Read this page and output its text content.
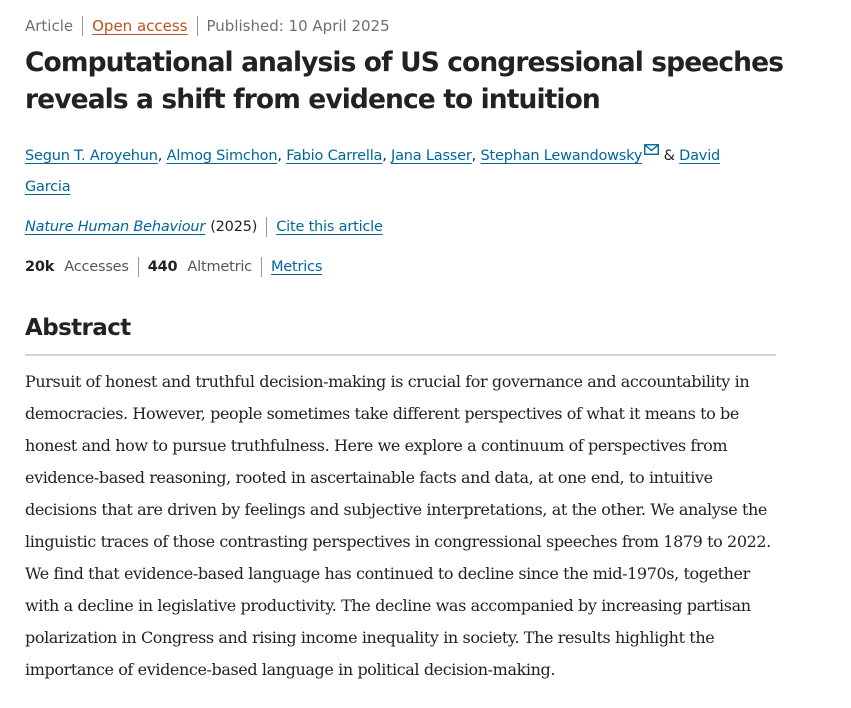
Article Open access Published: 10 April 2025
Computational analysis of US congressional speeches reveals a shift from evidence to intuition

Segun T. Aroyehun, Almog Simchon, Fabio Carrella, Jana Lasser, Stephan Lewandowsky & David Garcia

Nature Human Behaviour (2025) Cite this article
20k Accesses 440 Altmetric Metrics
Abstract

Pursuit of honest and truthful decision-making is crucial for governance and accountability in democracies. However, people sometimes take different perspectives of what it means to be honest and how to pursue truthfulness. Here we explore a continuum of perspectives from evidence-based reasoning, rooted in ascertainable facts and data, at one end, to intuitive decisions that are driven by feelings and subjective interpretations, at the other. We analyse the linguistic traces of those contrasting perspectives in congressional speeches from 1879 to 2022. We find that evidence-based language has continued to decline since the mid-1970s, together with a decline in legislative productivity. The decline was accompanied by increasing partisan polarization in Congress and rising income inequality in society. The results highlight the importance of evidence-based language in political decision-making.
